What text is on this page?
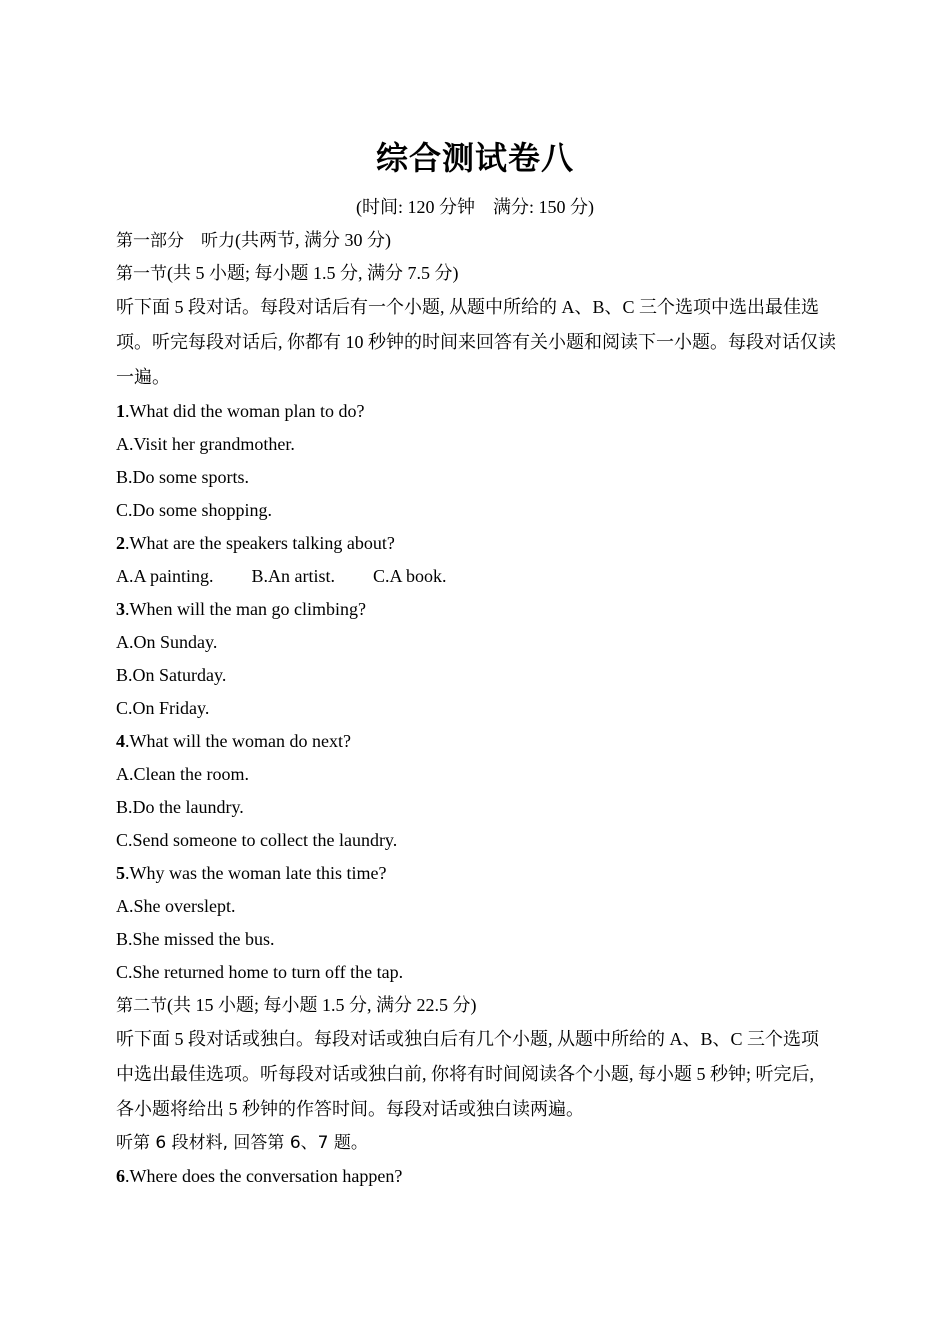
综合测试卷八
(时间: 120 分钟　满分: 150 分)
第一部分　听力(共两节, 满分 30 分)
第一节(共 5 小题; 每小题 1.5 分, 满分 7.5 分)
听下面 5 段对话。每段对话后有一个小题, 从题中所给的 A、B、C 三个选项中选出最佳选项。听完每段对话后, 你都有 10 秒钟的时间来回答有关小题和阅读下一小题。每段对话仅读一遍。
1.What did the woman plan to do?
A.Visit her grandmother.
B.Do some sports.
C.Do some shopping.
2.What are the speakers talking about?
A.A painting. B.An artist. C.A book.
3.When will the man go climbing?
A.On Sunday.
B.On Saturday.
C.On Friday.
4.What will the woman do next?
A.Clean the room.
B.Do the laundry.
C.Send someone to collect the laundry.
5.Why was the woman late this time?
A.She overslept.
B.She missed the bus.
C.She returned home to turn off the tap.
第二节(共 15 小题; 每小题 1.5 分, 满分 22.5 分)
听下面 5 段对话或独白。每段对话或独白后有几个小题, 从题中所给的 A、B、C 三个选项中选出最佳选项。听每段对话或独白前, 你将有时间阅读各个小题, 每小题 5 秒钟; 听完后, 各小题将给出 5 秒钟的作答时间。每段对话或独白读两遍。
听第 6 段材料, 回答第 6、7 题。
6.Where does the conversation happen?
